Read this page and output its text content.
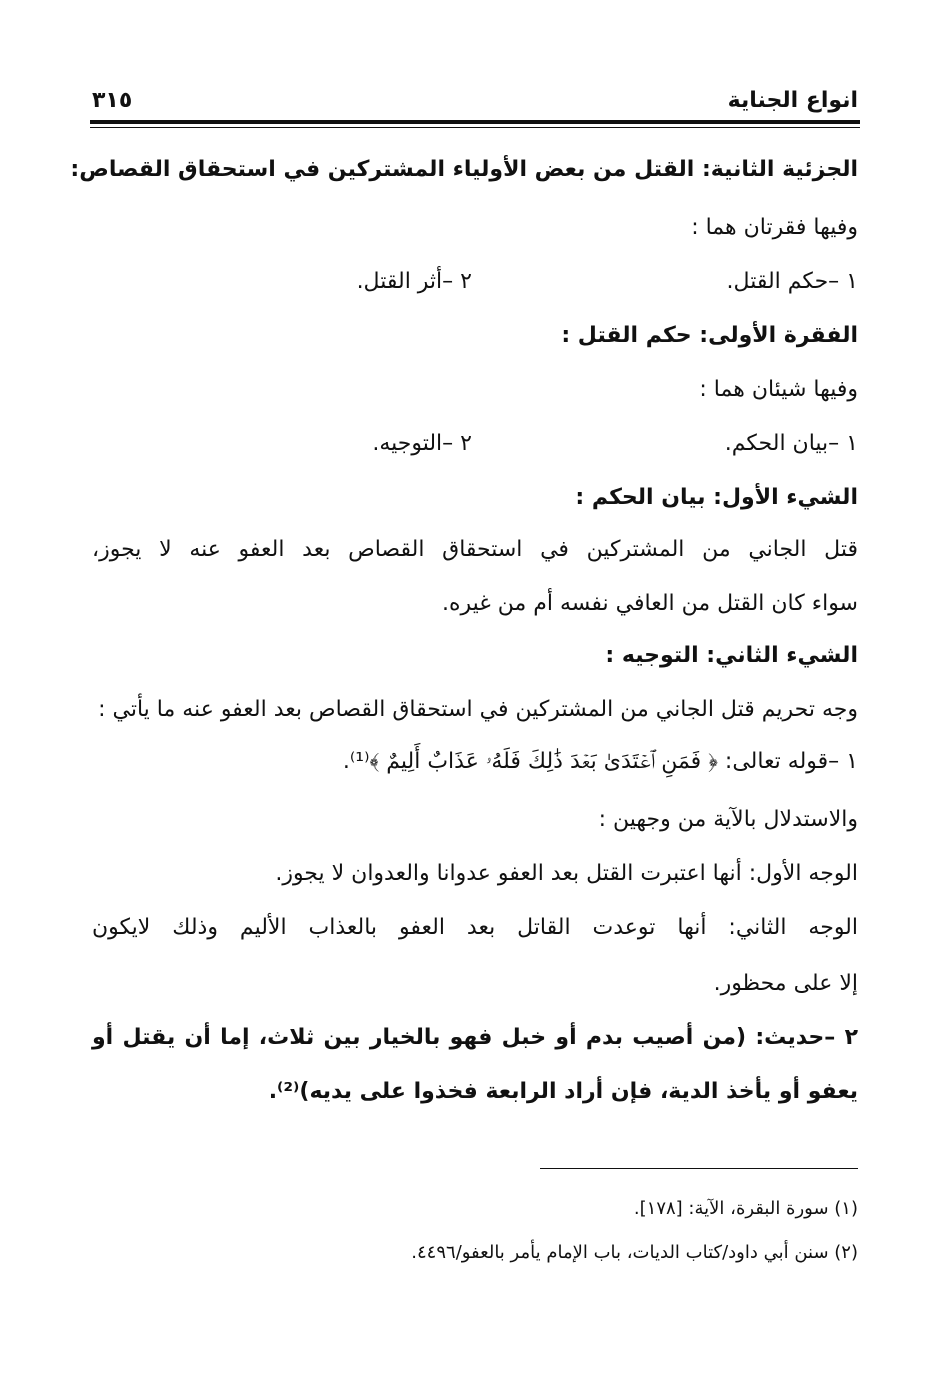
انواع الجناية
٣١٥
الجزئية الثانية: القتل من بعض الأولياء المشتركين في استحقاق القصاص:
وفيها فقرتان هما :
١ –حكم القتل.
٢ –أثر القتل.
الفقرة الأولى: حكم القتل :
وفيها شيئان هما :
١ –بيان الحكم.
٢ –التوجيه.
الشيء الأول: بيان الحكم :
قتل الجاني من المشتركين في استحقاق القصاص بعد العفو عنه لا يجوز،
سواء كان القتل من العافي نفسه أم من غيره.
الشيء الثاني: التوجيه :
وجه تحريم قتل الجاني من المشتركين في استحقاق القصاص بعد العفو عنه ما يأتي :
١ –قوله تعالى: ﴿ فَمَنِ ٱعۡتَدَىٰ بَعۡدَ ذَٰلِكَ فَلَهُۥ عَذَابٌ أَلِيمٌ ﴾⁽¹⁾.
والاستدلال بالآية من وجهين :
الوجه الأول: أنها اعتبرت القتل بعد العفو عدوانا والعدوان لا يجوز.
الوجه الثاني: أنها توعدت القاتل بعد العفو بالعذاب الأليم وذلك لايكون
إلا على محظور.
٢ –حديث: (من أصيب بدم أو خبل فهو بالخيار بين ثلاث، إما أن يقتل أو
يعفو أو يأخذ الدية، فإن أراد الرابعة فخذوا على يديه)⁽²⁾.
(١) سورة البقرة، الآية: [١٧٨].
(٢) سنن أبي داود/كتاب الديات، باب الإمام يأمر بالعفو/٤٤٩٦.
